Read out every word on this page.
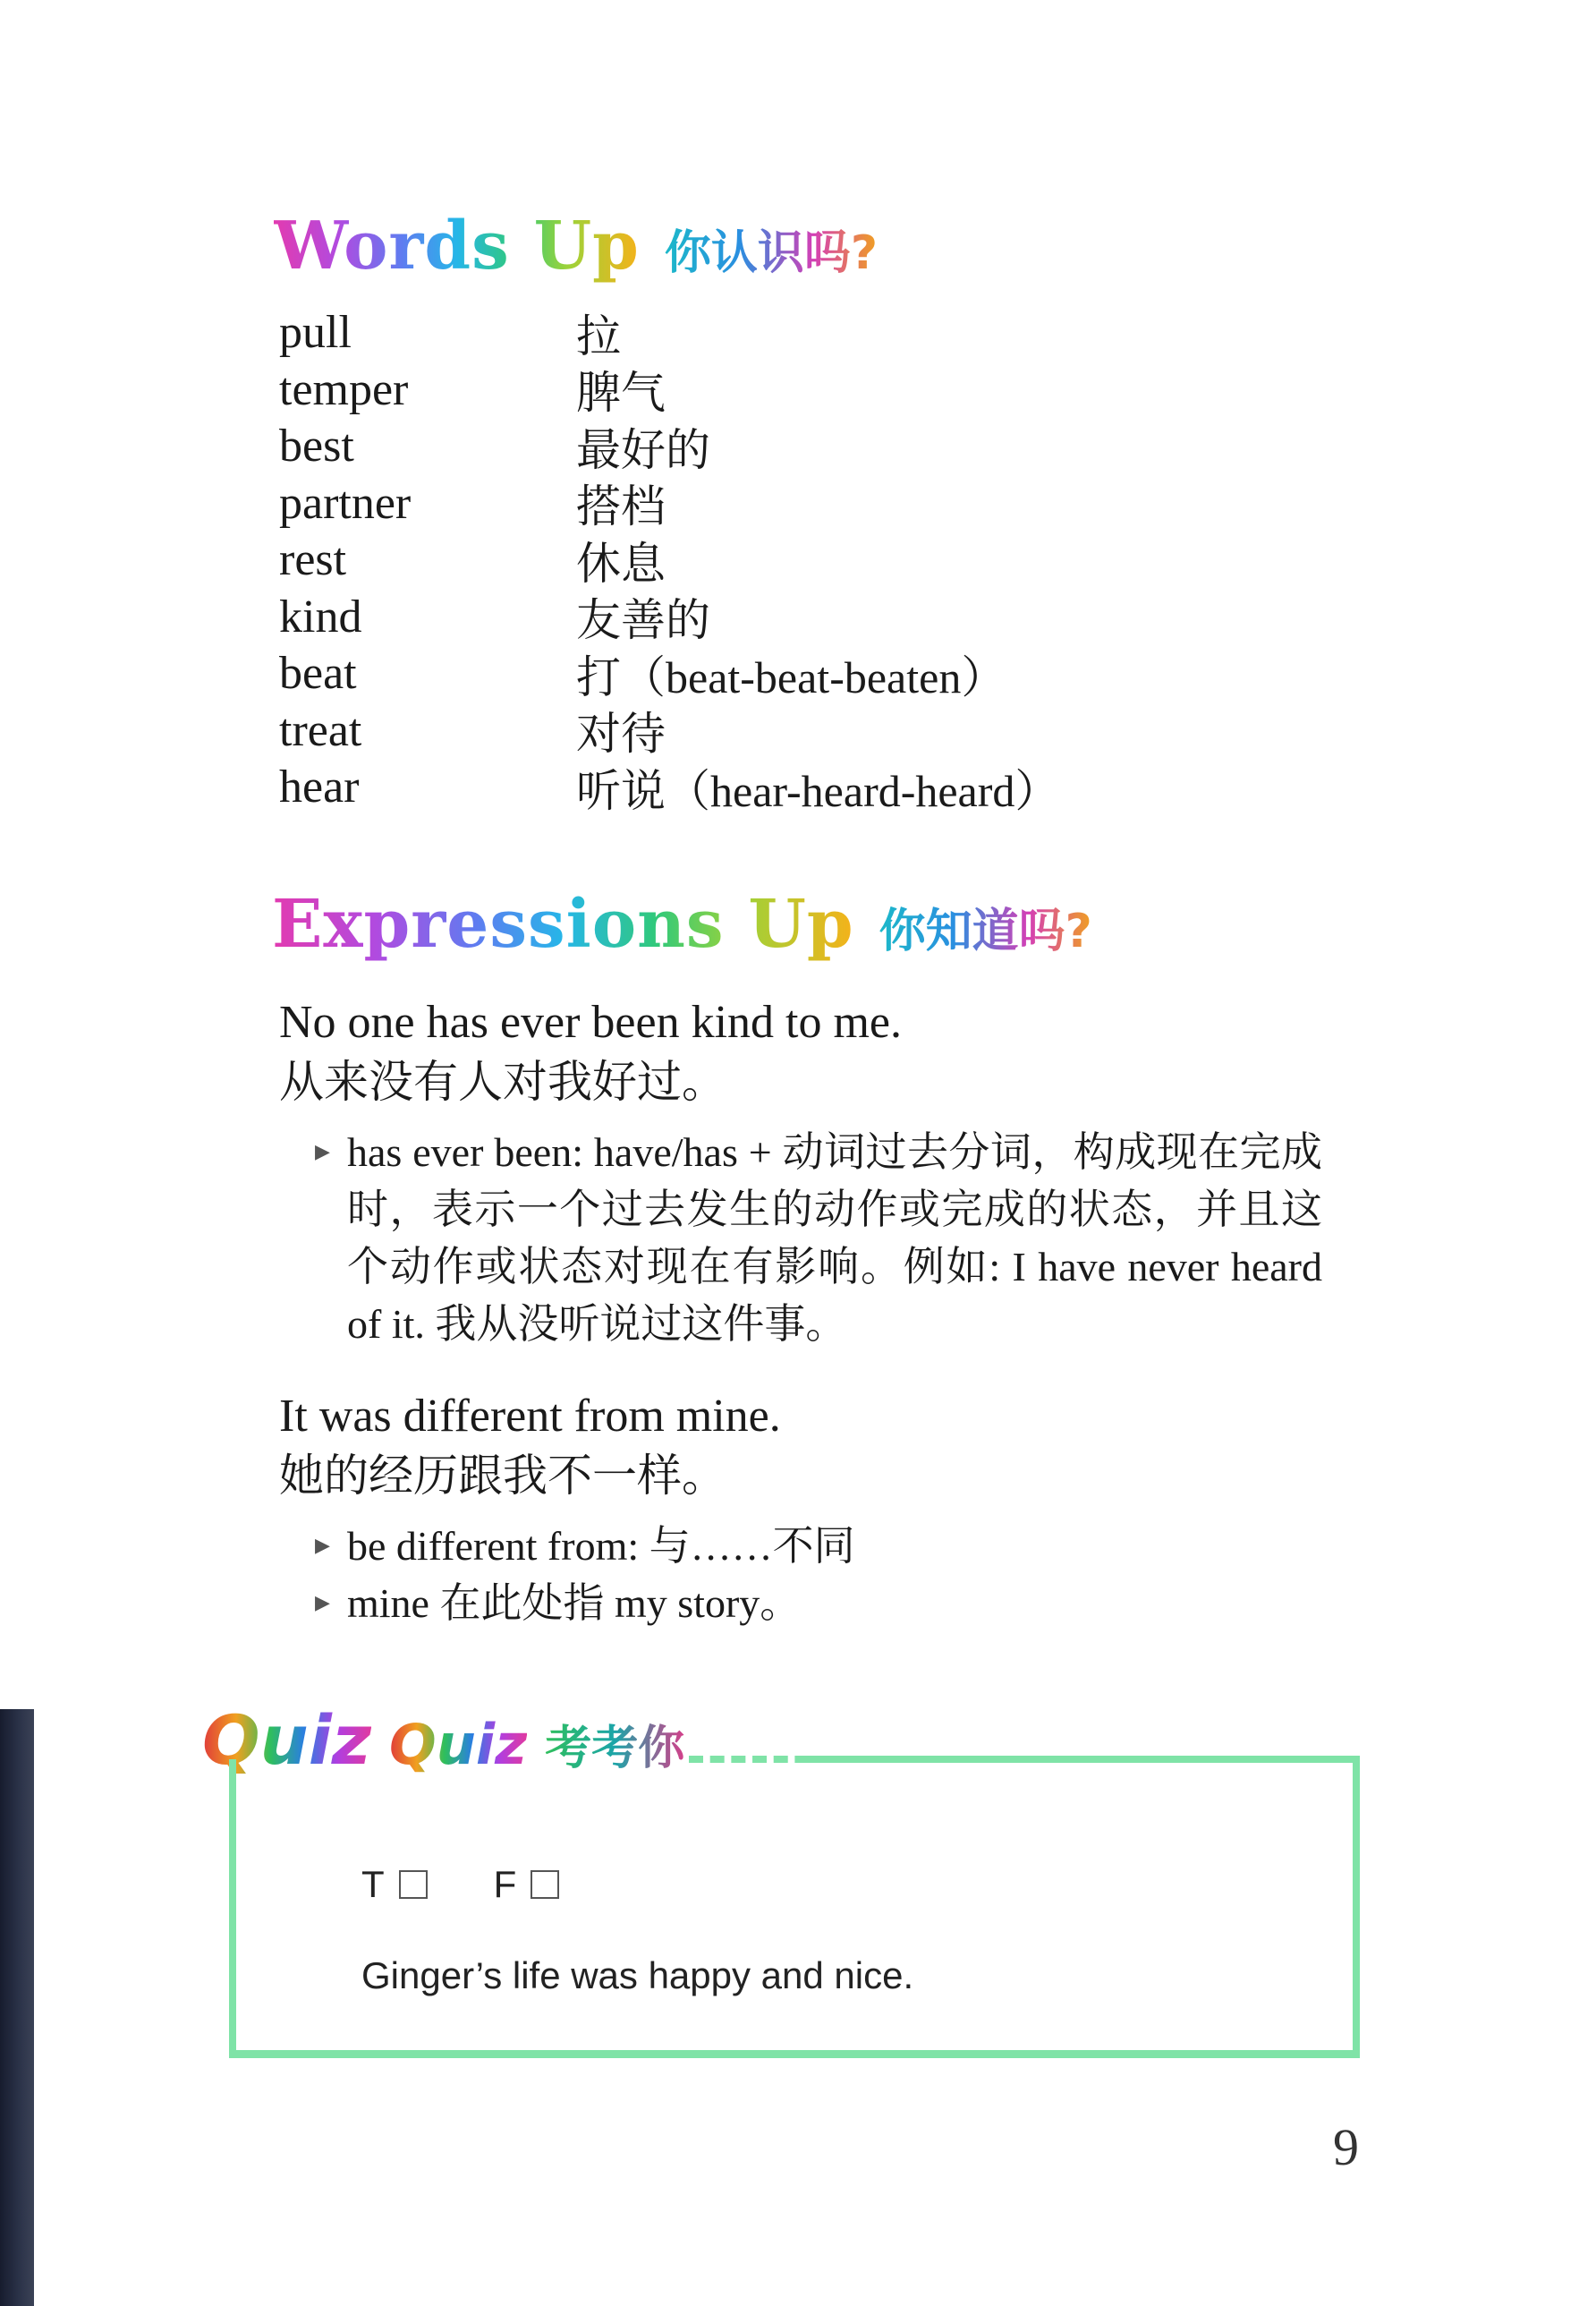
Words Up 你认识吗?
pull	拉
temper	脾气
best	最好的
partner	搭档
rest	休息
kind	友善的
beat	打（beat-beat-beaten）
treat	对待
hear	听说（hear-heard-heard）
Expressions Up 你知道吗?
No one has ever been kind to me.
从来没有人对我好过。
▶ has ever been: have/has + 动词过去分词，构成现在完成时，表示一个过去发生的动作或完成的状态，并且这个动作或状态对现在有影响。例如: I have never heard of it. 我从没听说过这件事。
It was different from mine.
她的经历跟我不一样。
▶ be different from: 与……不同
▶ mine 在此处指 my story。
Quiz Quiz 考考你
T	F
Ginger’s life was happy and nice.
9
